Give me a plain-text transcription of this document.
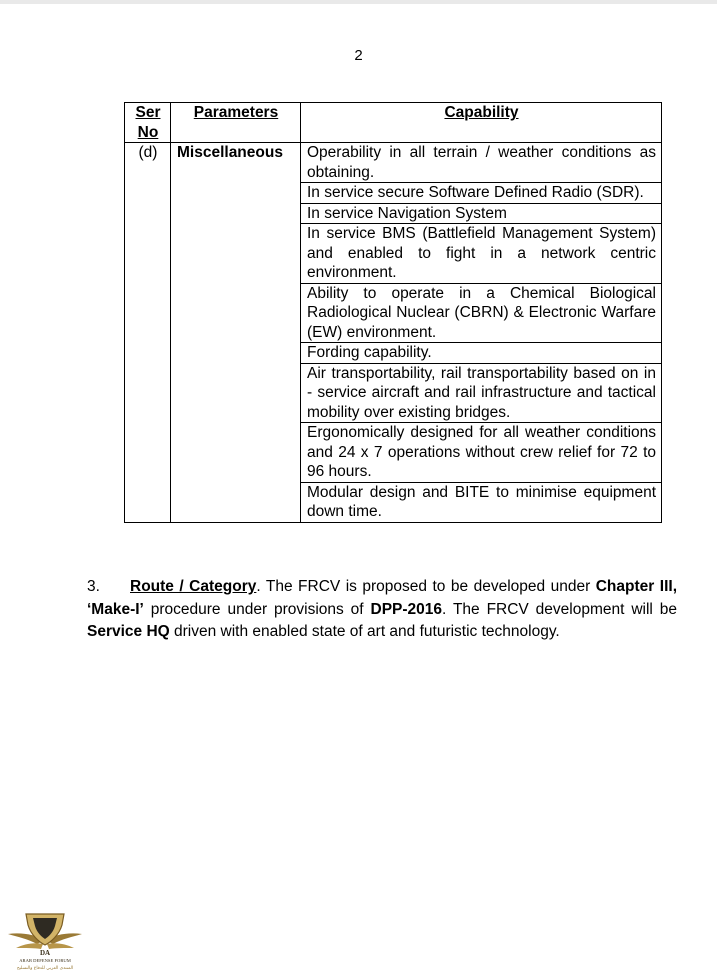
2
Ser
No	Parameters	Capability
(d)	Miscellaneous	Operability in all terrain / weather conditions as obtaining.
		In service secure Software Defined Radio (SDR).
		In service Navigation System
		In service BMS (Battlefield Management System) and enabled to fight in a network centric environment.
		Ability to operate in a Chemical Biological Radiological Nuclear (CBRN) & Electronic Warfare (EW) environment.
		Fording capability.
		Air transportability, rail transportability based on in - service aircraft and rail infrastructure and tactical mobility over existing bridges.
		Ergonomically designed for all weather conditions and 24 x 7 operations without crew relief for 72 to 96 hours.
		Modular design and BITE to minimise equipment down time.

3. Route / Category. The FRCV is proposed to be developed under Chapter III, ‘Make-I’ procedure under provisions of DPP-2016. The FRCV development will be Service HQ driven with enabled state of art and futuristic technology.

DA
ARAB DEFENSE FORUM
المنتدى العربي للدفاع والتسليح
